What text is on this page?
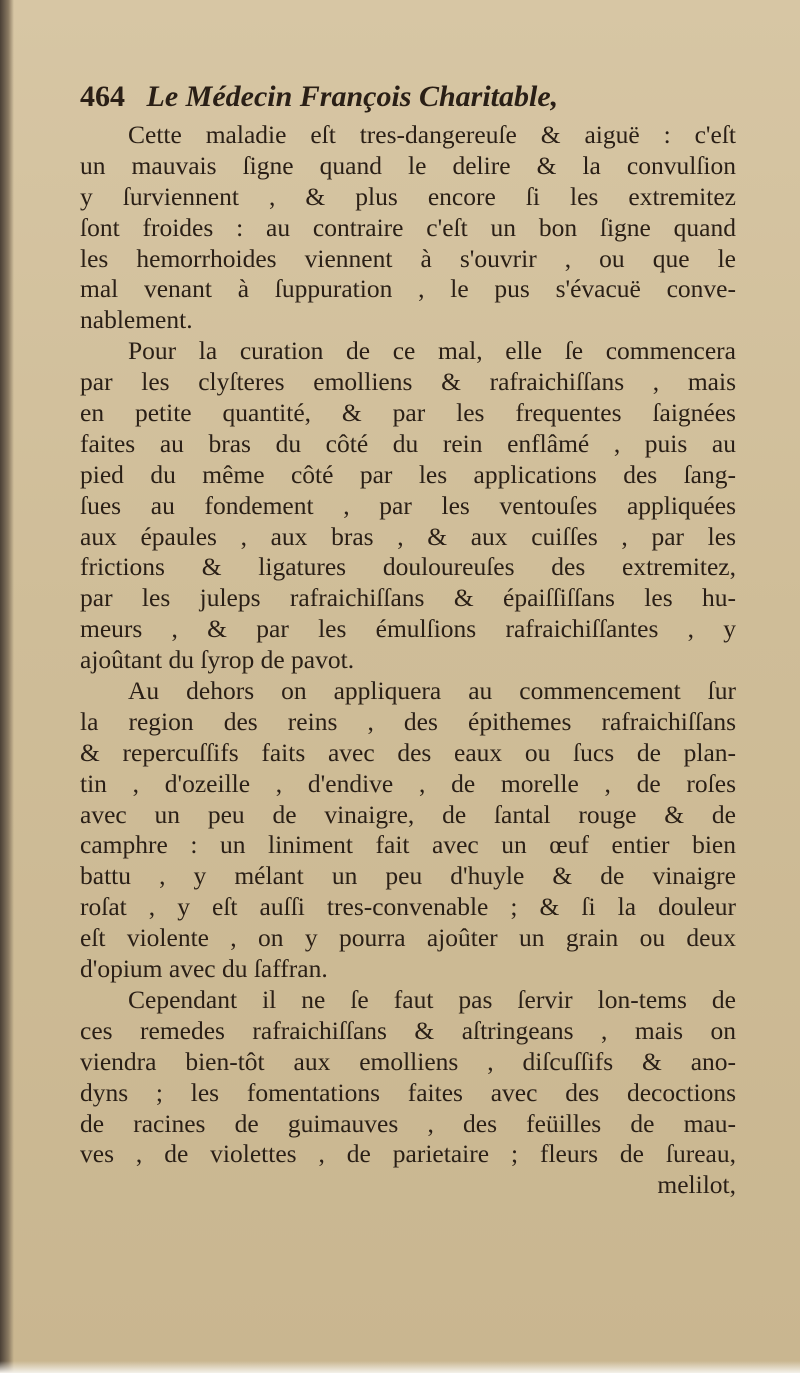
464 Le Médecin François Charitable,
Cette maladie eſt tres-dangereuſe & aiguë : c'eſt
un mauvais ſigne quand le delire & la convulſion
y ſurviennent , & plus encore ſi les extremitez
ſont froides : au contraire c'eſt un bon ſigne quand
les hemorrhoides viennent à s'ouvrir , ou que le
mal venant à ſuppuration , le pus s'évacuë conve-
nablement.
Pour la curation de ce mal, elle ſe commencera
par les clyſteres emolliens & rafraichiſſans , mais
en petite quantité, & par les frequentes ſaignées
faites au bras du côté du rein enflâmé , puis au
pied du même côté par les applications des ſang-
ſues au fondement , par les ventouſes appliquées
aux épaules , aux bras , & aux cuiſſes , par les
frictions & ligatures douloureuſes des extremitez,
par les juleps rafraichiſſans & épaiſſiſſans les hu-
meurs , & par les émulſions rafraichiſſantes , y
ajoûtant du ſyrop de pavot.
Au dehors on appliquera au commencement ſur
la region des reins , des épithemes rafraichiſſans
& repercuſſifs faits avec des eaux ou ſucs de plan-
tin , d'ozeille , d'endive , de morelle , de roſes
avec un peu de vinaigre, de ſantal rouge & de
camphre : un liniment fait avec un œuf entier bien
battu , y mélant un peu d'huyle & de vinaigre
roſat , y eſt auſſi tres-convenable ; & ſi la douleur
eſt violente , on y pourra ajoûter un grain ou deux
d'opium avec du ſaffran.
Cependant il ne ſe faut pas ſervir lon-tems de
ces remedes rafraichiſſans & aſtringeans , mais on
viendra bien-tôt aux emolliens , diſcuſſifs & ano-
dyns ; les fomentations faites avec des decoctions
de racines de guimauves , des feüilles de mau-
ves , de violettes , de parietaire ; fleurs de ſureau,
melilot,
